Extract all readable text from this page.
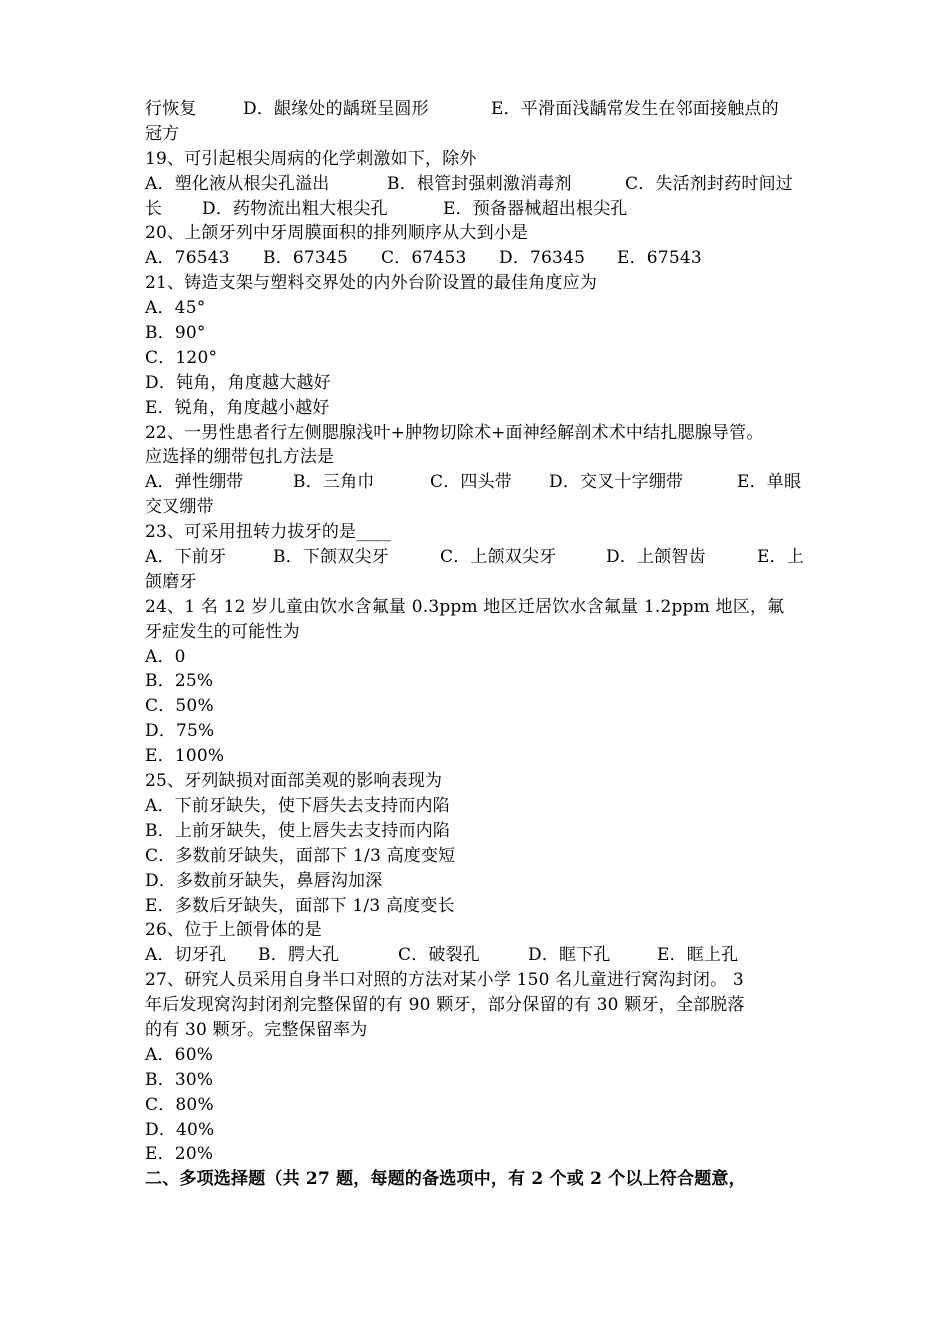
行恢复	D．龈缘处的龋斑呈圆形	E．平滑面浅龋常发生在邻面接触点的
冠方
19、可引起根尖周病的化学刺激如下，除外
A．塑化液从根尖孔溢出	B．根管封强刺激消毒剂	C．失活剂封药时间过
长 D．药物流出粗大根尖孔	E．预备器械超出根尖孔
20、上颌牙列中牙周膜面积的排列顺序从大到小是
A．76543 B．67345 C．67453 D．76345 E．67543
21、铸造支架与塑料交界处的内外台阶设置的最佳角度应为
A．45°
B．90°
C．120°
D．钝角，角度越大越好
E．锐角，角度越小越好
22、一男性患者行左侧腮腺浅叶+肿物切除术+面神经解剖术术中结扎腮腺导管。
应选择的绷带包扎方法是
A．弹性绷带	B．三角巾	C．四头带 D．交叉十字绷带	E．单眼
交叉绷带
23、可采用扭转力拔牙的是____
A．下前牙	B．下颌双尖牙	C．上颌双尖牙	D．上颌智齿	E．上
颌磨牙
24、1 名 12 岁儿童由饮水含氟量 0.3ppm 地区迁居饮水含氟量 1.2ppm 地区，氟
牙症发生的可能性为
A．0
B．25%
C．50%
D．75%
E．100%
25、牙列缺损对面部美观的影响表现为
A．下前牙缺失，使下唇失去支持而内陷
B．上前牙缺失，使上唇失去支持而内陷
C．多数前牙缺失，面部下 1/3 高度变短
D．多数前牙缺失，鼻唇沟加深
E．多数后牙缺失，面部下 1/3 高度变长
26、位于上颌骨体的是
A．切牙孔 B．腭大孔	C．破裂孔	D．眶下孔	E．眶上孔
27、研究人员采用自身半口对照的方法对某小学 150 名儿童进行窝沟封闭。 3
年后发现窝沟封闭剂完整保留的有 90 颗牙，部分保留的有 30 颗牙，全部脱落
的有 30 颗牙。完整保留率为
A．60%
B．30%
C．80%
D．40%
E．20%
二、多项选择题（共 27 题，每题的备选项中，有 2 个或 2 个以上符合题意，
